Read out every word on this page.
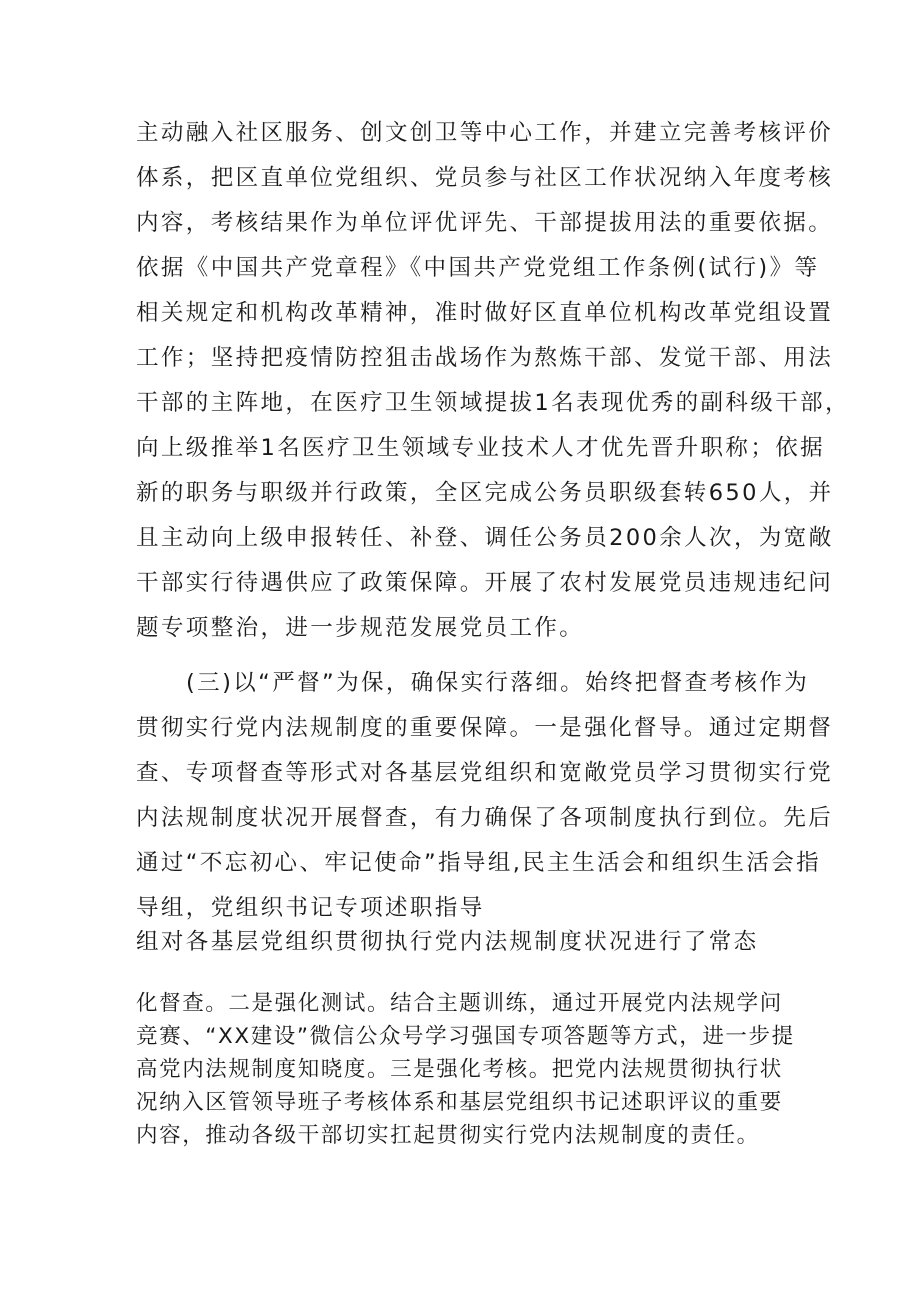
主动融入社区服务、创文创卫等中心工作，并建立完善考核评价
体系，把区直单位党组织、党员参与社区工作状况纳入年度考核
内容，考核结果作为单位评优评先、干部提拔用法的重要依据。
依据《中国共产党章程》《中国共产党党组工作条例(试行)》等
相关规定和机构改革精神，准时做好区直单位机构改革党组设置
工作；坚持把疫情防控狙击战场作为熬炼干部、发觉干部、用法
干部的主阵地，在医疗卫生领域提拔1名表现优秀的副科级干部，
向上级推举1名医疗卫生领域专业技术人才优先晋升职称；依据
新的职务与职级并行政策，全区完成公务员职级套转650人，并
且主动向上级申报转任、补登、调任公务员200余人次，为宽敞
干部实行待遇供应了政策保障。开展了农村发展党员违规违纪问
题专项整治，进一步规范发展党员工作。
(三)以“严督”为保，确保实行落细。始终把督查考核作为
贯彻实行党内法规制度的重要保障。一是强化督导。通过定期督
查、专项督查等形式对各基层党组织和宽敞党员学习贯彻实行党
内法规制度状况开展督查，有力确保了各项制度执行到位。先后
通过“不忘初心、牢记使命”指导组,民主生活会和组织生活会指
导组，党组织书记专项述职指导
组对各基层党组织贯彻执行党内法规制度状况进行了常态
化督查。二是强化测试。结合主题训练，通过开展党内法规学问
竞赛、“XX建设”微信公众号学习强国专项答题等方式，进一步提
高党内法规制度知晓度。三是强化考核。把党内法规贯彻执行状
况纳入区管领导班子考核体系和基层党组织书记述职评议的重要
内容，推动各级干部切实扛起贯彻实行党内法规制度的责任。
